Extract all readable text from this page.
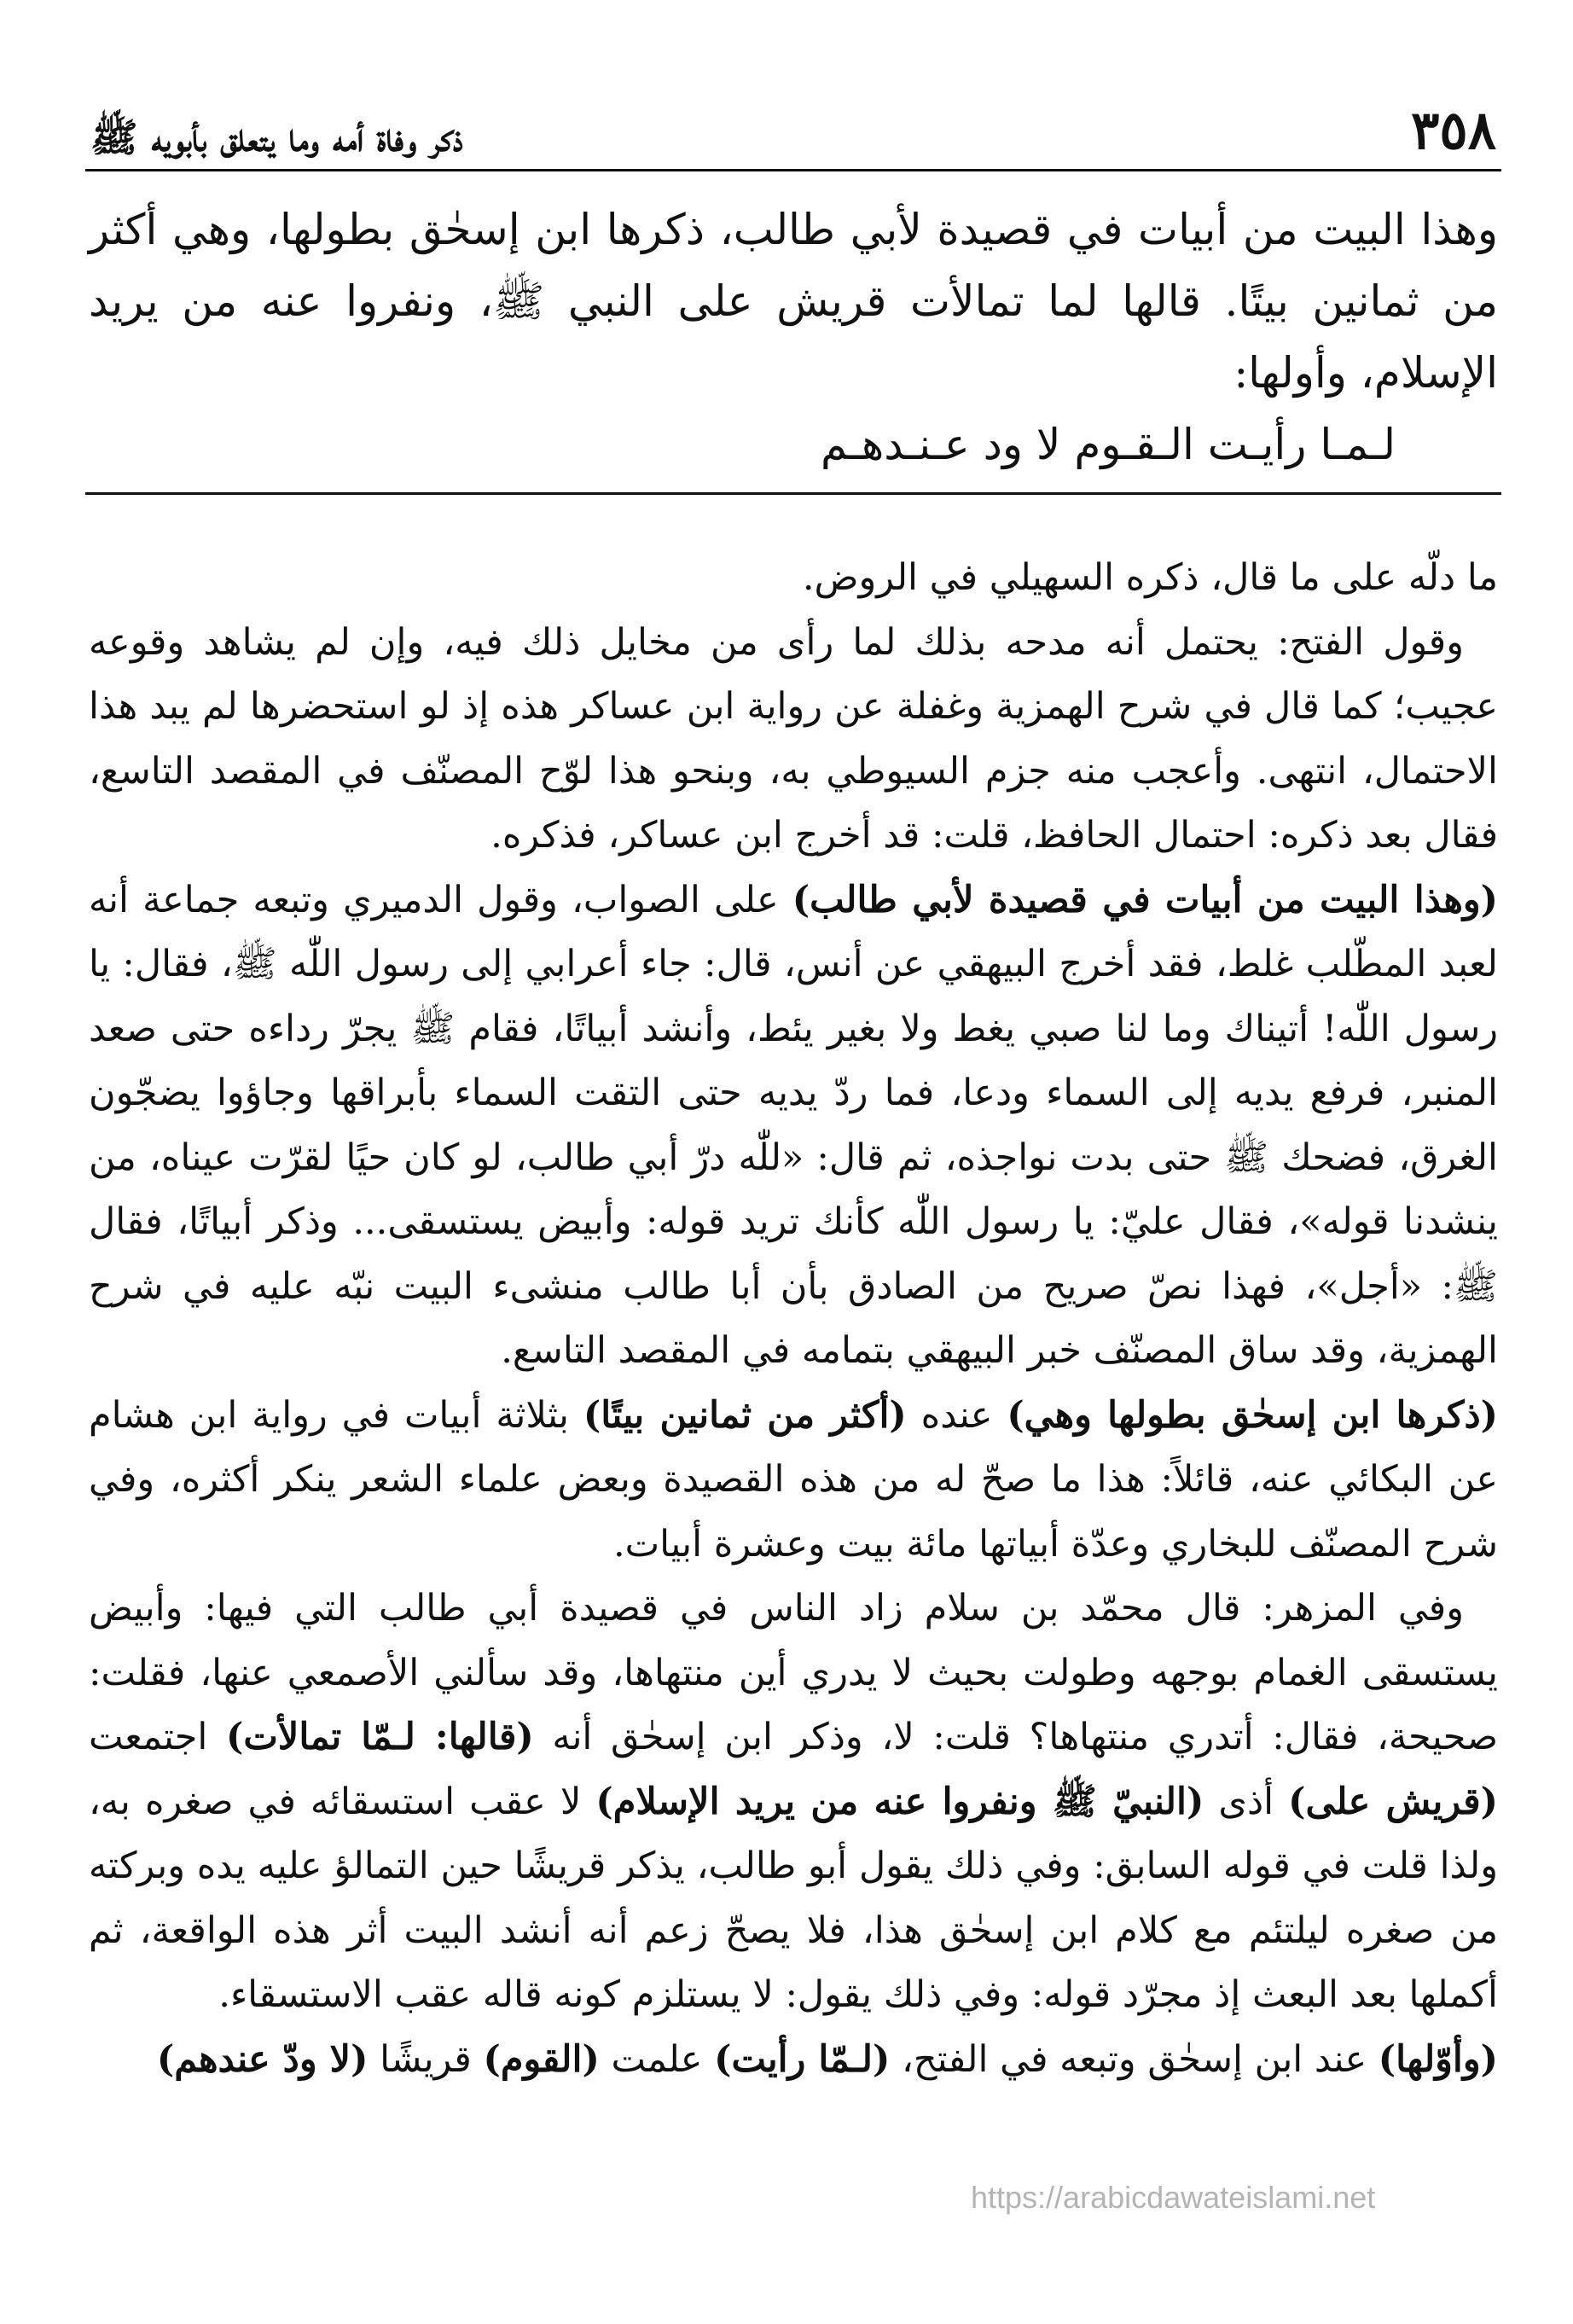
٣٥٨
ذكر وفاة أمه وما يتعلق بأبويه ﷺ

وهذا البيت من أبيات في قصيدة لأبي طالب، ذكرها ابن إسحٰق بطولها، وهي أكثر من ثمانين بيتًا. قالها لما تمالأت قريش على النبي ﷺ، ونفروا عنه من يريد الإسلام، وأولها:

لـمـا رأيـت الـقـوم لا ود عـنـدهـم

ما دلّه على ما قال، ذكره السهيلي في الروض.

وقول الفتح: يحتمل أنه مدحه بذلك لما رأى من مخايل ذلك فيه، وإن لم يشاهد وقوعه عجيب؛ كما قال في شرح الهمزية وغفلة عن رواية ابن عساكر هذه إذ لو استحضرها لم يبد هذا الاحتمال، انتهى. وأعجب منه جزم السيوطي به، وبنحو هذا لوّح المصنّف في المقصد التاسع، فقال بعد ذكره: احتمال الحافظ، قلت: قد أخرج ابن عساكر، فذكره.

(وهذا البيت من أبيات في قصيدة لأبي طالب) على الصواب، وقول الدميري وتبعه جماعة أنه لعبد المطّلب غلط، فقد أخرج البيهقي عن أنس، قال: جاء أعرابي إلى رسول اللّٰه ﷺ، فقال: يا رسول اللّٰه! أتيناك وما لنا صبي يغط ولا بغير يئط، وأنشد أبياتًا، فقام ﷺ يجرّ رداءه حتى صعد المنبر، فرفع يديه إلى السماء ودعا، فما ردّ يديه حتى التقت السماء بأبراقها وجاؤوا يضجّون الغرق، فضحك ﷺ حتى بدت نواجذه، ثم قال: «للّٰه درّ أبي طالب، لو كان حيًا لقرّت عيناه، من ينشدنا قوله»، فقال عليّ: يا رسول اللّٰه كأنك تريد قوله: وأبيض يستسقى... وذكر أبياتًا، فقال ﷺ: «أجل»، فهذا نصّ صريح من الصادق بأن أبا طالب منشىء البيت نبّه عليه في شرح الهمزية، وقد ساق المصنّف خبر البيهقي بتمامه في المقصد التاسع.

(ذكرها ابن إسحٰق بطولها وهي) عنده (أكثر من ثمانين بيتًا) بثلاثة أبيات في رواية ابن هشام عن البكائي عنه، قائلاً: هذا ما صحّ له من هذه القصيدة وبعض علماء الشعر ينكر أكثره، وفي شرح المصنّف للبخاري وعدّة أبياتها مائة بيت وعشرة أبيات.

وفي المزهر: قال محمّد بن سلام زاد الناس في قصيدة أبي طالب التي فيها: وأبيض يستسقى الغمام بوجهه وطولت بحيث لا يدري أين منتهاها، وقد سألني الأصمعي عنها، فقلت: صحيحة، فقال: أتدري منتهاها؟ قلت: لا، وذكر ابن إسحٰق أنه (قالها: لـمّا تمالأت) اجتمعت (قريش على) أذى (النبيّ ﷺ ونفروا عنه من يريد الإسلام) لا عقب استسقائه في صغره به، ولذا قلت في قوله السابق: وفي ذلك يقول أبو طالب، يذكر قريشًا حين التمالؤ عليه يده وبركته من صغره ليلتئم مع كلام ابن إسحٰق هذا، فلا يصحّ زعم أنه أنشد البيت أثر هذه الواقعة، ثم أكملها بعد البعث إذ مجرّد قوله: وفي ذلك يقول: لا يستلزم كونه قاله عقب الاستسقاء.

(وأوّلها) عند ابن إسحٰق وتبعه في الفتح، (لـمّا رأيت) علمت (القوم) قريشًا (لا ودّ عندهم)

https://arabicdawateislami.net
